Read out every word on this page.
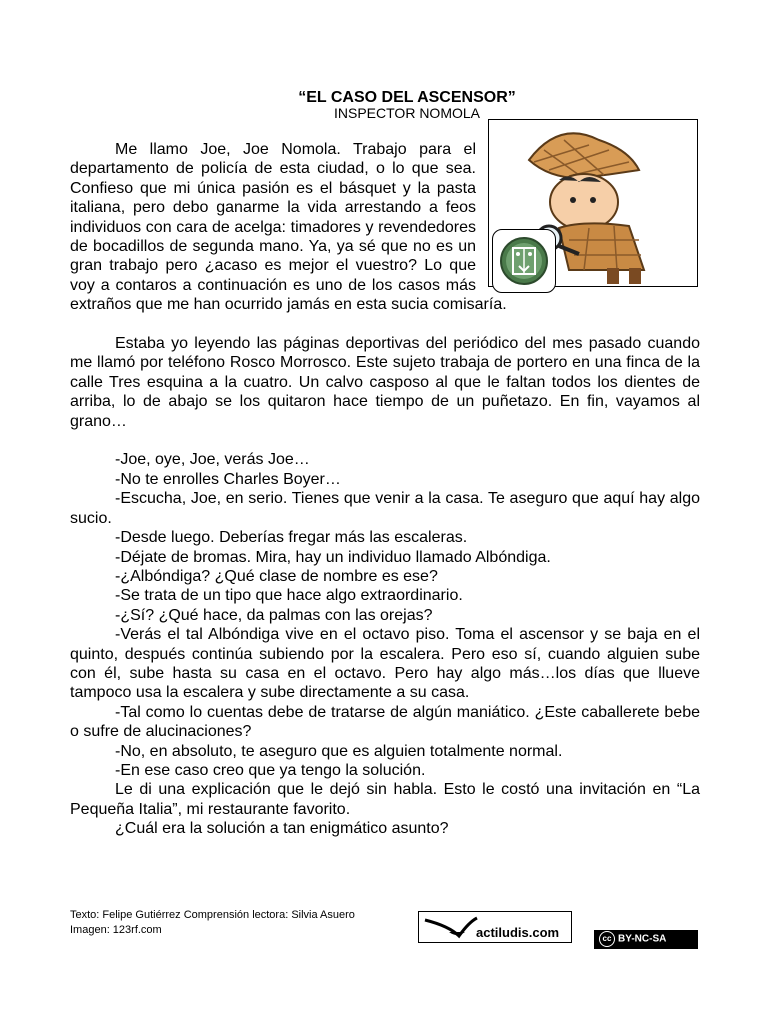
“EL CASO DEL ASCENSOR”
INSPECTOR NOMOLA

Me llamo Joe, Joe Nomola. Trabajo para el departamento de policía de esta ciudad, o lo que sea. Confieso que mi única pasión es el básquet y la pasta italiana, pero debo ganarme la vida arrestando a feos individuos con cara de acelga: timadores y revendedores de bocadillos de segunda mano. Ya, ya sé que no es un gran trabajo pero ¿acaso es mejor el vuestro? Lo que voy a contaros a continuación es uno de los casos más extraños que me han ocurrido jamás en esta sucia comisaría.

Estaba yo leyendo las páginas deportivas del periódico del mes pasado cuando me llamó por teléfono Rosco Morrosco. Este sujeto trabaja de portero en una finca de la calle Tres esquina a la cuatro. Un calvo casposo al que le faltan todos los dientes de arriba, lo de abajo se los quitaron hace tiempo de un puñetazo. En fin, vayamos al grano…

-Joe, oye, Joe, verás Joe…

-No te enrolles Charles Boyer…

-Escucha, Joe, en serio. Tienes que venir a la casa. Te aseguro que aquí hay algo sucio.

-Desde luego. Deberías fregar más las escaleras.

-Déjate de bromas. Mira, hay un individuo llamado Albóndiga.

-¿Albóndiga? ¿Qué clase de nombre es ese?

-Se trata de un tipo que hace algo extraordinario.

-¿Sí? ¿Qué hace, da palmas con las orejas?

-Verás el tal Albóndiga vive en el octavo piso. Toma el ascensor y se baja en el quinto, después continúa subiendo por la escalera. Pero eso sí, cuando alguien sube con él, sube hasta su casa en el octavo. Pero hay algo más…los días que llueve tampoco usa la escalera y sube directamente a su casa.

-Tal como lo cuentas debe de tratarse de algún maniático. ¿Este caballerete bebe o sufre de alucinaciones?

-No, en absoluto, te aseguro que es alguien totalmente normal.

-En ese caso creo que ya tengo la solución.

Le di una explicación que le dejó sin habla. Esto le costó una invitación en “La Pequeña Italia”, mi restaurante favorito.

¿Cuál era la solución a tan enigmático asunto?

Texto: Felipe Gutiérrez Comprensión lectora: Silvia Asuero
Imagen: 123rf.com	actiludis.com	cc BY-NC-SA
